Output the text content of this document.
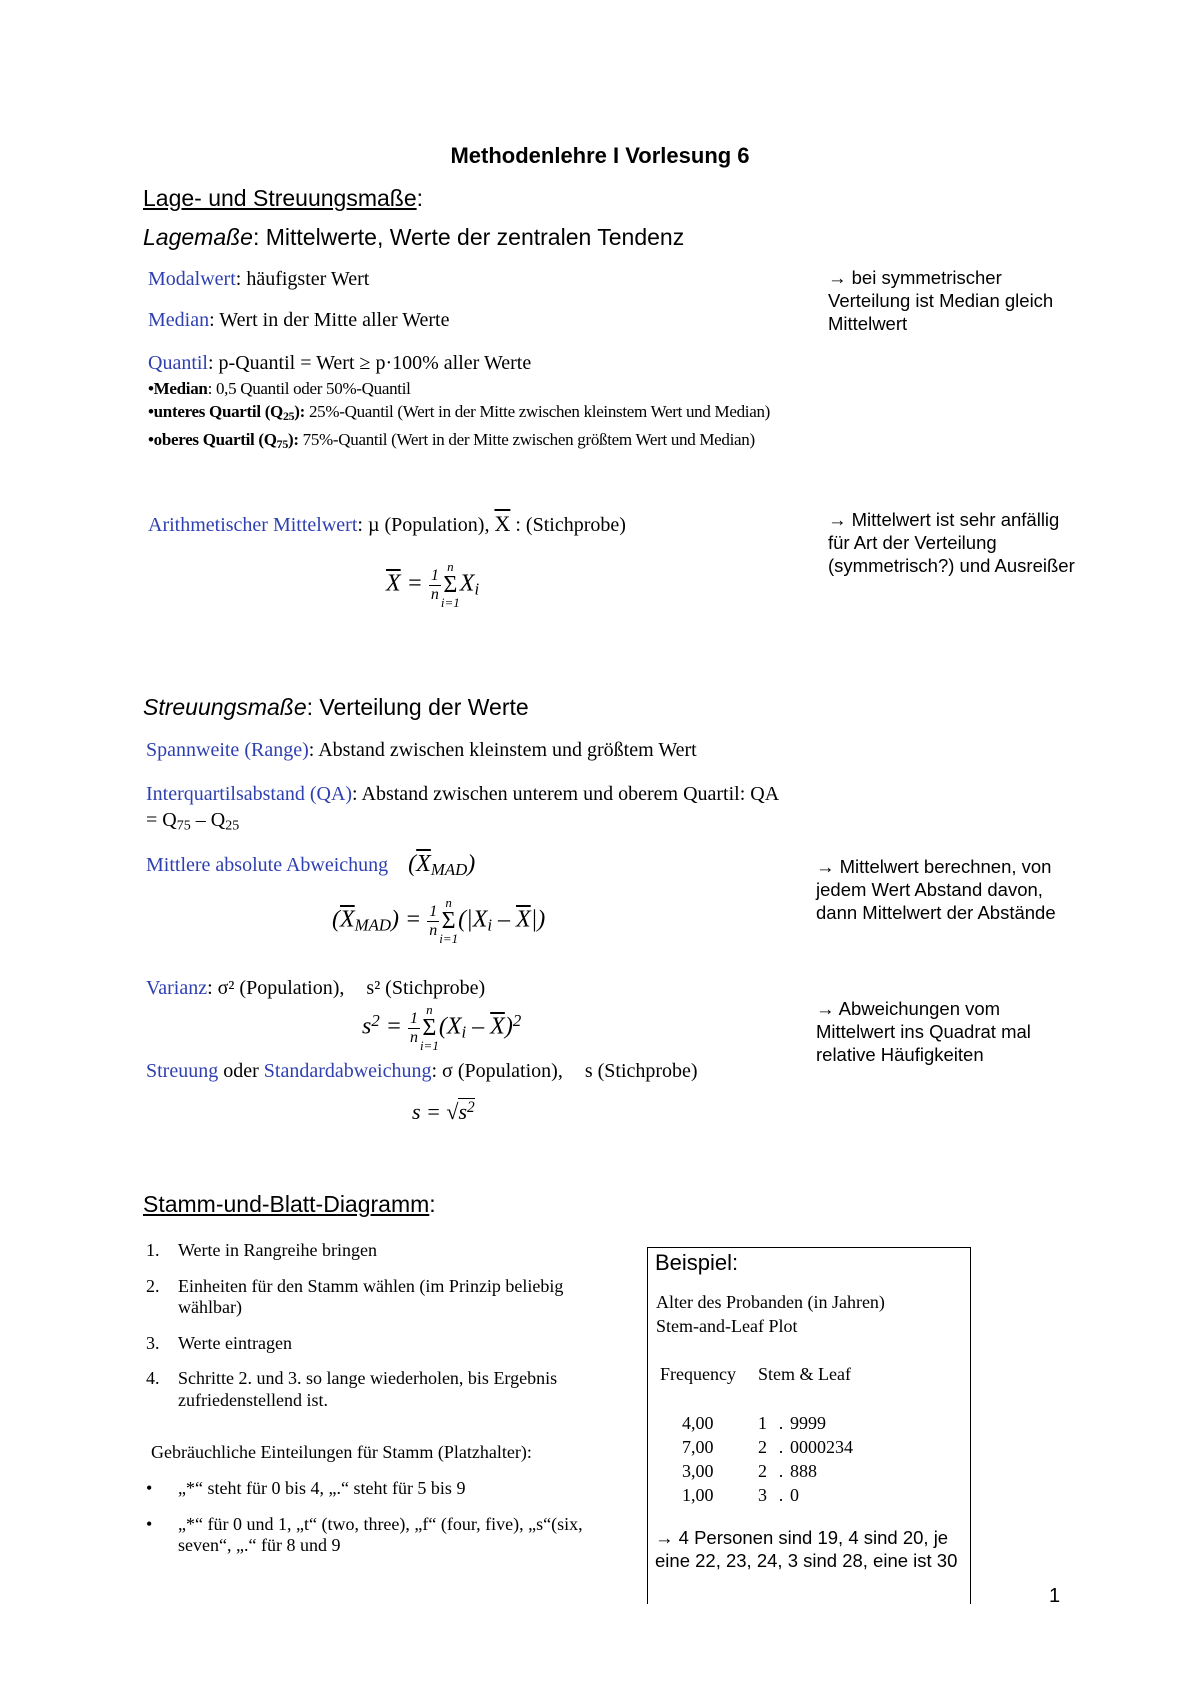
Methodenlehre I Vorlesung 6
Lage- und Streuungsmaße:
Lagemaße: Mittelwerte, Werte der zentralen Tendenz
Modalwert: häufigster Wert
Median: Wert in der Mitte aller Werte
Quantil: p-Quantil = Wert ≥ p·100% aller Werte
•Median: 0,5 Quantil oder 50%-Quantil
•unteres Quartil $(Q_{25})$: 25%-Quantil (Wert in der Mitte zwischen kleinstem Wert und Median)
•oberes Quartil $(Q_{75})$: 75%-Quantil (Wert in der Mitte zwischen größtem Wert und Median)
Arithmetischer Mittelwert: µ (Population), $\overline{X}$ : (Stichprobe)
$\overline{X} = \frac{1}{n}$ n
Σ
i=1
$X_i$
→ bei symmetrischer Verteilung ist Median gleich Mittelwert
→ Mittelwert ist sehr anfällig für Art der Verteilung (symmetrisch?) und Ausreißer
Streuungsmaße: Verteilung der Werte
Spannweite (Range): Abstand zwischen kleinstem und größtem Wert
Interquartilsabstand (QA): Abstand zwischen unterem und oberem Quartil: QA = $Q_{75} - Q_{25}$
Mittlere absolute Abweichung $(\overline{X}_{MAD})$
$(\overline{X}_{MAD}) = \frac{1}{n}$ n
Σ
i=1
$(|X_i - \overline{X}|)$
Varianz: σ² (Population), s² (Stichprobe)
$s^2 = \frac{1}{n}$ n
Σ
i=1
$(X_i - \overline{X})^2$
Streuung oder Standardabweichung: σ (Population), s (Stichprobe)
$s = √s^2$
→ Mittelwert berechnen, von jedem Wert Abstand davon, dann Mittelwert der Abstände
→ Abweichungen vom Mittelwert ins Quadrat mal relative Häufigkeiten
Stamm-und-Blatt-Diagramm:
1.	Werte in Rangreihe bringen
2.	Einheiten für den Stamm wählen (im Prinzip beliebig wählbar)
3.	Werte eintragen
4.	Schritte 2. und 3. so lange wiederholen, bis Ergebnis zufriedenstellend ist.
Gebräuchliche Einteilungen für Stamm (Platzhalter):
•	„*“ steht für 0 bis 4, „.“ steht für 5 bis 9
•	„*“ für 0 und 1, „t“ (two, three), „f“ (four, five), „s“(six, seven“, „.“ für 8 und 9
Beispiel:
Alter des Probanden (in Jahren)
Stem-and-Leaf Plot
Frequency Stem & Leaf
4,00	1	.	9999
7,00	2	.	0000234
3,00	2	.	888
1,00	3	.	0
→ 4 Personen sind 19, 4 sind 20, je eine 22, 23, 24, 3 sind 28, eine ist 30
1
